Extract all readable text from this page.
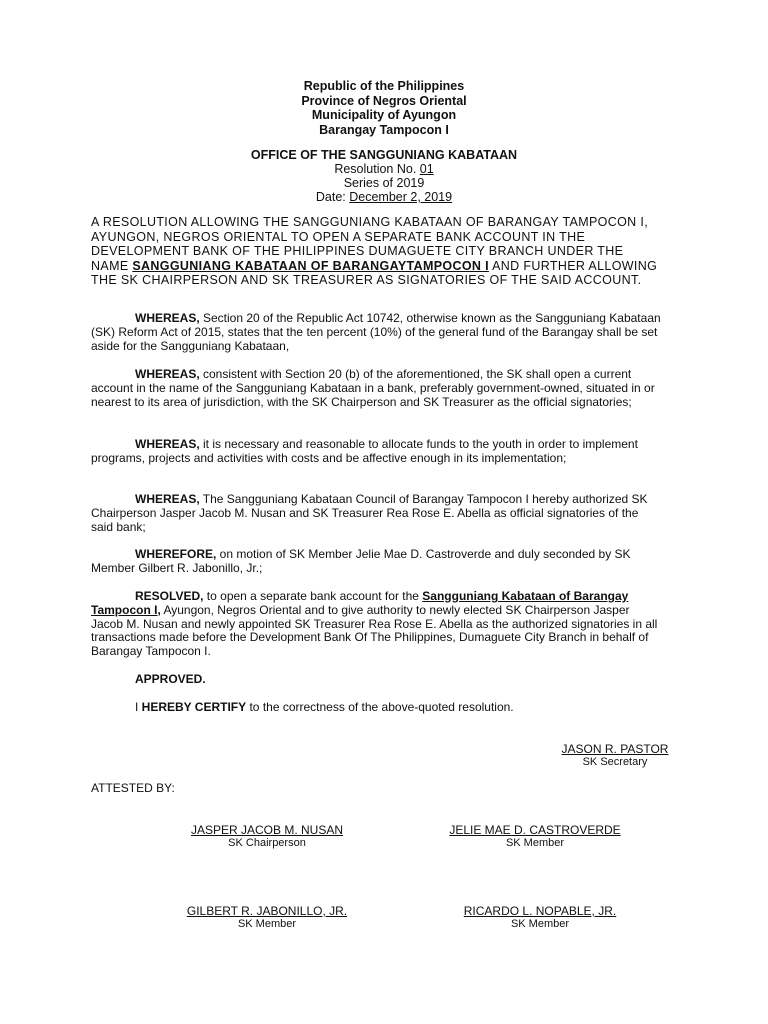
Republic of the Philippines
Province of Negros Oriental
Municipality of Ayungon
Barangay Tampocon I
OFFICE OF THE SANGGUNIANG KABATAAN
Resolution No. 01
Series of 2019
Date: December 2, 2019
A RESOLUTION ALLOWING THE SANGGUNIANG KABATAAN OF BARANGAY TAMPOCON I, AYUNGON, NEGROS ORIENTAL TO OPEN A SEPARATE BANK ACCOUNT IN THE DEVELOPMENT BANK OF THE PHILIPPINES DUMAGUETE CITY BRANCH UNDER THE NAME SANGGUNIANG KABATAAN OF BARANGAYTAMPOCON I AND FURTHER ALLOWING THE SK CHAIRPERSON AND SK TREASURER AS SIGNATORIES OF THE SAID ACCOUNT.
WHEREAS, Section 20 of the Republic Act 10742, otherwise known as the Sangguniang Kabataan (SK) Reform Act of 2015, states that the ten percent (10%) of the general fund of the Barangay shall be set aside for the Sangguniang Kabataan,
WHEREAS, consistent with Section 20 (b) of the aforementioned, the SK shall open a current account in the name of the Sangguniang Kabataan in a bank, preferably government-owned, situated in or nearest to its area of jurisdiction, with the SK Chairperson and SK Treasurer as the official signatories;
WHEREAS, it is necessary and reasonable to allocate funds to the youth in order to implement programs, projects and activities with costs and be affective enough in its implementation;
WHEREAS, The Sangguniang Kabataan Council of Barangay Tampocon I hereby authorized SK Chairperson Jasper Jacob M. Nusan and SK Treasurer Rea Rose E. Abella as official signatories of the said bank;
WHEREFORE, on motion of SK Member Jelie Mae D. Castroverde and duly seconded by SK Member Gilbert R. Jabonillo, Jr.;
RESOLVED, to open a separate bank account for the Sangguniang Kabataan of Barangay Tampocon I, Ayungon, Negros Oriental and to give authority to newly elected SK Chairperson Jasper Jacob M. Nusan and newly appointed SK Treasurer Rea Rose E. Abella as the authorized signatories in all transactions made before the Development Bank Of The Philippines, Dumaguete City Branch in behalf of Barangay Tampocon I.
APPROVED.
I HEREBY CERTIFY to the correctness of the above-quoted resolution.
JASON R. PASTOR
SK Secretary
ATTESTED BY:
JASPER JACOB M. NUSAN
SK Chairperson
JELIE MAE D. CASTROVERDE
SK Member
GILBERT R. JABONILLO, JR.
SK Member
RICARDO L. NOPABLE, JR.
SK Member
